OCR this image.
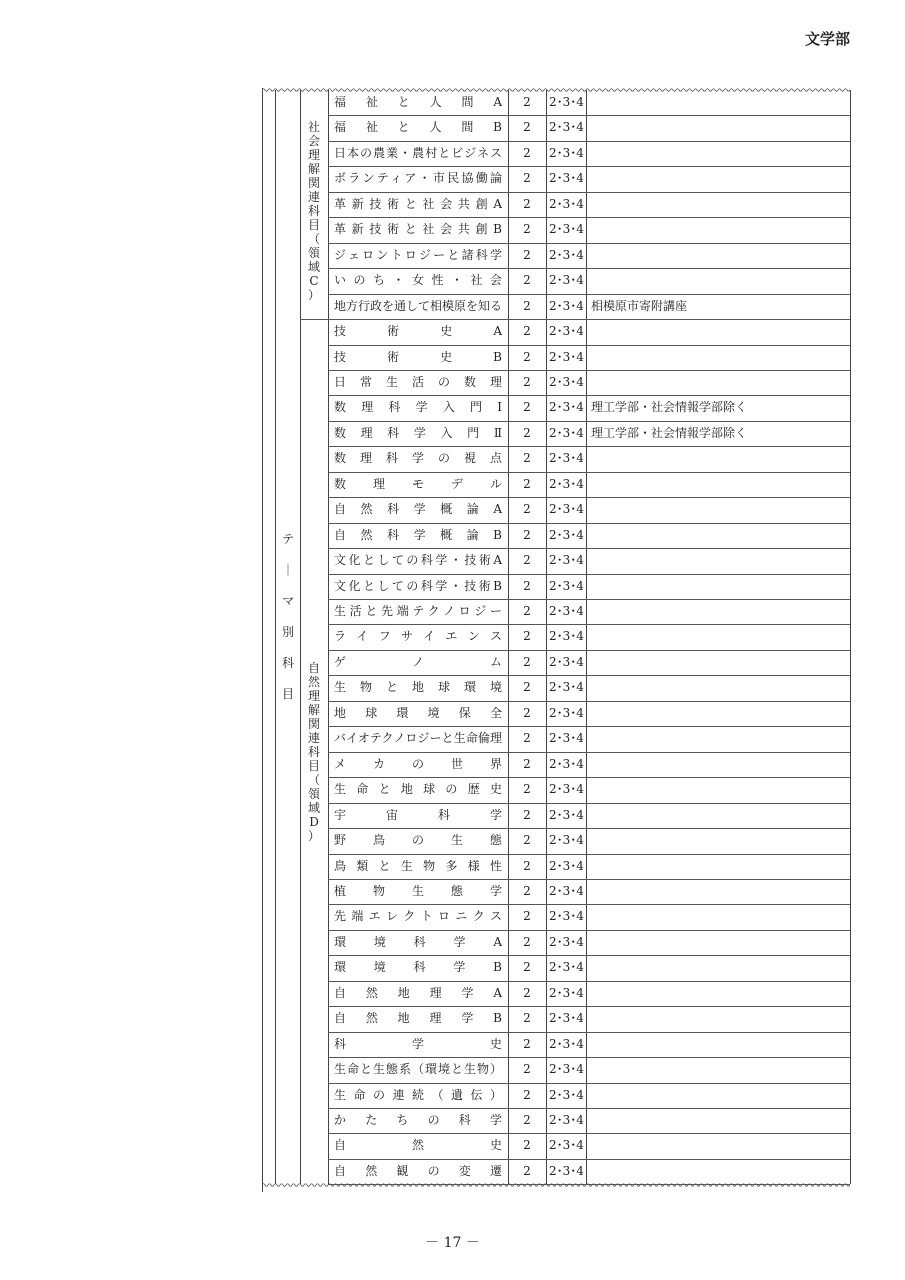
文学部
－ 17 －
テ
｜
マ
別
科
目
社
会
理
解
関
連
科
目
（
領
域
C
）
福 祉 と 人 間 A	2	2･3･4
福 祉 と 人 間 B	2	2･3･4
日本の農業・農村とビジネス	2	2･3･4
ボランティア・市民協働論	2	2･3･4
革新技術と社会共創A	2	2･3･4
革新技術と社会共創B	2	2･3･4
ジェロントロジーと諸科学	2	2･3･4
い の ち ・ 女 性 ・ 社 会	2	2･3･4
地方行政を通して相模原を知る	2	2･3･4 相模原市寄附講座
自
然
理
解
関
連
科
目
（
領
域
D
）
技 術 史 A	2	2･3･4
技 術 史 B	2	2･3･4
日 常 生 活 の 数 理	2	2･3･4
数 理 科 学 入 門 Ⅰ	2	2･3･4 理工学部・社会情報学部除く
数 理 科 学 入 門 Ⅱ	2	2･3･4 理工学部・社会情報学部除く
数 理 科 学 の 視 点	2	2･3･4
数 理 モ デ ル	2	2･3･4
自 然 科 学 概 論 A	2	2･3･4
自 然 科 学 概 論 B	2	2･3･4
文化としての科学・技術A	2	2･3･4
文化としての科学・技術B	2	2･3･4
生活と先端テクノロジー	2	2･3･4
ラ イ フ サ イ エ ン ス	2	2･3･4
ゲ ノ ム	2	2･3･4
生 物 と 地 球 環 境	2	2･3･4
地 球 環 境 保 全	2	2･3･4
バイオテクノロジーと生命倫理	2	2･3･4
メ カ の 世 界	2	2･3･4
生 命 と 地 球 の 歴 史	2	2･3･4
宇 宙 科 学	2	2･3･4
野 鳥 の 生 態	2	2･3･4
鳥 類 と 生 物 多 様 性	2	2･3･4
植 物 生 態 学	2	2･3･4
先端エレクトロニクス	2	2･3･4
環 境 科 学 A	2	2･3･4
環 境 科 学 B	2	2･3･4
自 然 地 理 学 A	2	2･3･4
自 然 地 理 学 B	2	2･3･4
科 学 史	2	2･3･4
生命と生態系（環境と生物）	2	2･3･4
生 命 の 連 続 （ 遺 伝 ）	2	2･3･4
か た ち の 科 学	2	2･3･4
自 然 史	2	2･3･4
自 然 観 の 変 遷	2	2･3･4
